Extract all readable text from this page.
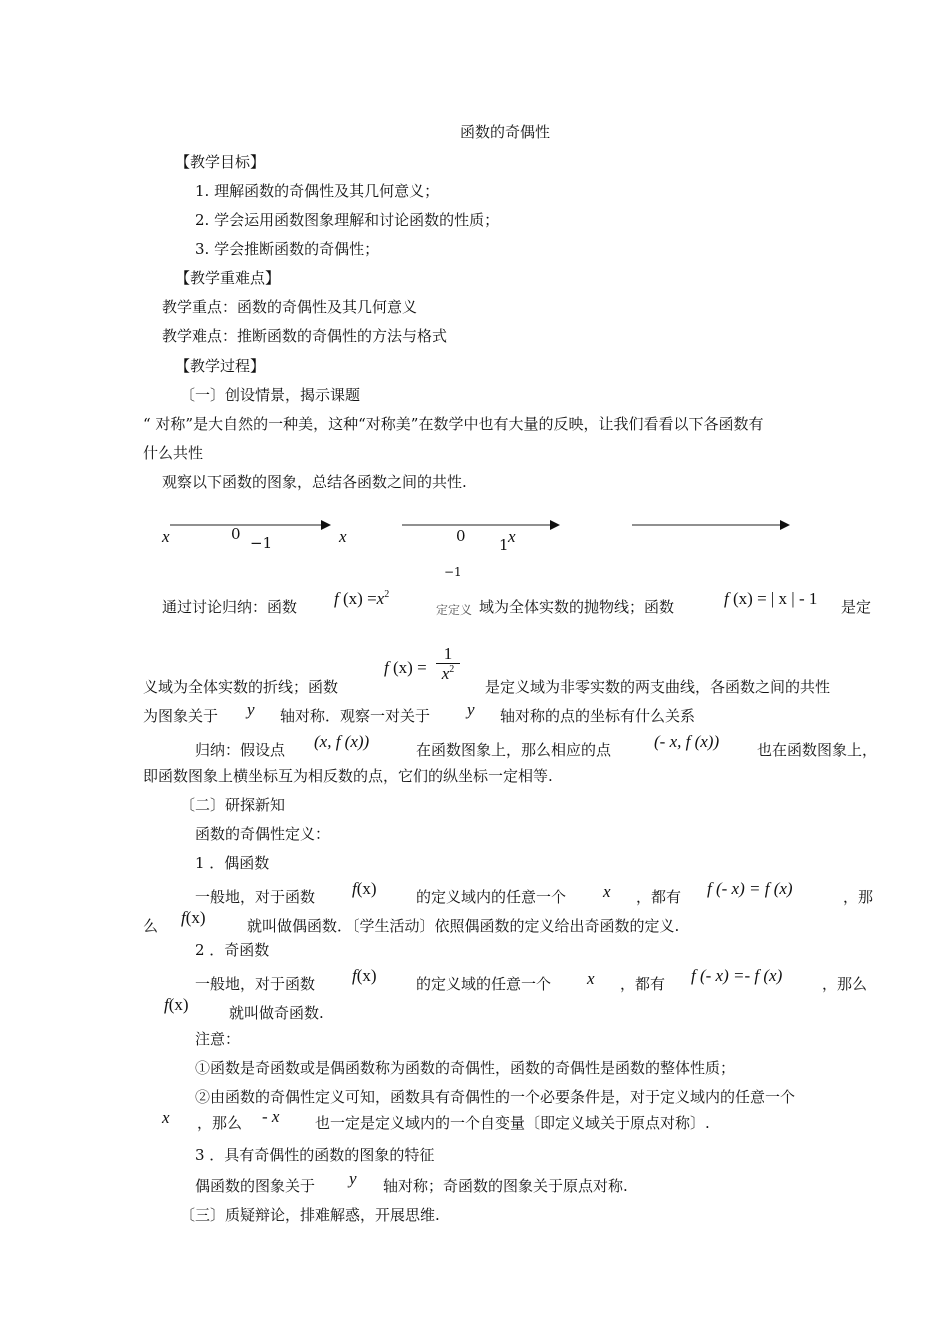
函数的奇偶性
【教学目标】
1. 理解函数的奇偶性及其几何意义；
2. 学会运用函数图象理解和讨论函数的性质；
3. 学会推断函数的奇偶性；
【教学重难点】
教学重点：函数的奇偶性及其几何意义
教学难点：推断函数的奇偶性的方法与格式
【教学过程】
〔一〕创设情景，揭示课题
“ 对称”是大自然的一种美，这种“对称美”在数学中也有大量的反映，让我们看看以下各函数有
什么共性
观察以下函数的图象，总结各函数之间的共性.
x	0 −1	x	0 1 x
−1
通过讨论归纳：函数 f $(x) =x^2$
定定义 域为全体实数的抛物线；函数	f (x) = | x | - 1 是定
f $(x) = \frac{1}{x^2}$
义域为全体实数的折线；函数	是定义域为非零实数的两支曲线，各函数之间的共性
为图象关于 y 轴对称．观察一对关于 y 轴对称的点的坐标有什么关系
归纳：假设点 (x, f (x))	在函数图象上，那么相应的点	(- x, f (x))	也在函数图象上，
即函数图象上横坐标互为相反数的点，它们的纵坐标一定相等.
〔二〕研探新知
函数的奇偶性定义：
1 ．偶函数
一般地，对于函数 f(x)	的定义域内的任意一个 x ，都有 f (- x) = f (x)	，那
么 f(x)	就叫做偶函数．〔学生活动〕依照偶函数的定义给出奇函数的定义.
2 ．奇函数
一般地，对于函数 f(x)	的定义域的任意一个 x ，都有 f (- x) =- f (x)	，那么
f(x)	就叫做奇函数.
注意：
①函数是奇函数或是偶函数称为函数的奇偶性，函数的奇偶性是函数的整体性质；
②由函数的奇偶性定义可知，函数具有奇偶性的一个必要条件是，对于定义域内的任意一个
x ，那么 - x 也一定是定义域内的一个自变量〔即定义域关于原点对称〕.
3 ．具有奇偶性的函数的图象的特征
偶函数的图象关于 y 轴对称；奇函数的图象关于原点对称.
〔三〕质疑辩论，排难解惑，开展思维.
